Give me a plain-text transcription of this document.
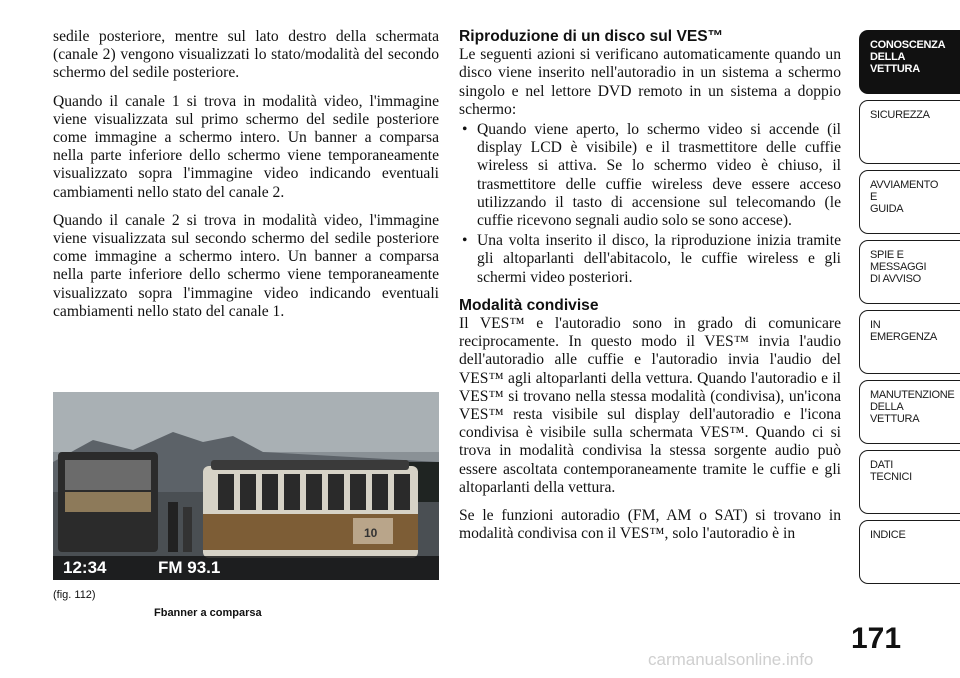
sedile posteriore, mentre sul lato destro della schermata (canale 2) vengono visualizzati lo stato/modalità del secondo schermo del sedile posteriore.

Quando il canale 1 si trova in modalità video, l'immagine viene visualizzata sul primo schermo del sedile posteriore come immagine a schermo intero. Un banner a comparsa nella parte inferiore dello schermo viene temporaneamente visualizzato sopra l'immagine video indicando eventuali cambiamenti nello stato del canale 2.

Quando il canale 2 si trova in modalità video, l'immagine viene visualizzata sul secondo schermo del sedile posteriore come immagine a schermo intero. Un banner a comparsa nella parte inferiore dello schermo viene temporaneamente visualizzato sopra l'immagine video indicando eventuali cambiamenti nello stato del canale 1.

10
12:34	FM 93.1
(fig. 112)
Fbanner a comparsa
Riproduzione di un disco sul VES™

Le seguenti azioni si verificano automaticamente quando un disco viene inserito nell'autoradio in un sistema a schermo singolo e nel lettore DVD remoto in un sistema a doppio schermo:

• Quando viene aperto, lo schermo video si accende (il display LCD è visibile) e il trasmettitore delle cuffie wireless si attiva. Se lo schermo video è chiuso, il trasmettitore delle cuffie wireless deve essere acceso utilizzando il tasto di accensione sul telecomando (le cuffie ricevono segnali audio solo se sono accese).
• Una volta inserito il disco, la riproduzione inizia tramite gli altoparlanti dell'abitacolo, le cuffie wireless e gli schermi video posteriori.
Modalità condivise

Il VES™ e l'autoradio sono in grado di comunicare reciprocamente. In questo modo il VES™ invia l'audio dell'autoradio alle cuffie e l'autoradio invia l'audio del VES™ agli altoparlanti della vettura. Quando l'autoradio e il VES™ si trovano nella stessa modalità (condivisa), un'icona VES™ resta visibile sul display dell'autoradio e l'icona condivisa è visibile sulla schermata VES™. Quando ci si trova in modalità condivisa la stessa sorgente audio può essere ascoltata contemporaneamente tramite le cuffie e gli altoparlanti della vettura.

Se le funzioni autoradio (FM, AM o SAT) si trovano in modalità condivisa con il VES™, solo l'autoradio è in

CONOSCENZA
DELLA
VETTURA
SICUREZZA
AVVIAMENTO
E
GUIDA
SPIE E
MESSAGGI
DI AVVISO
IN
EMERGENZA
MANUTENZIONE
DELLA
VETTURA
DATI
TECNICI
INDICE
171
carmanualsonline.info
